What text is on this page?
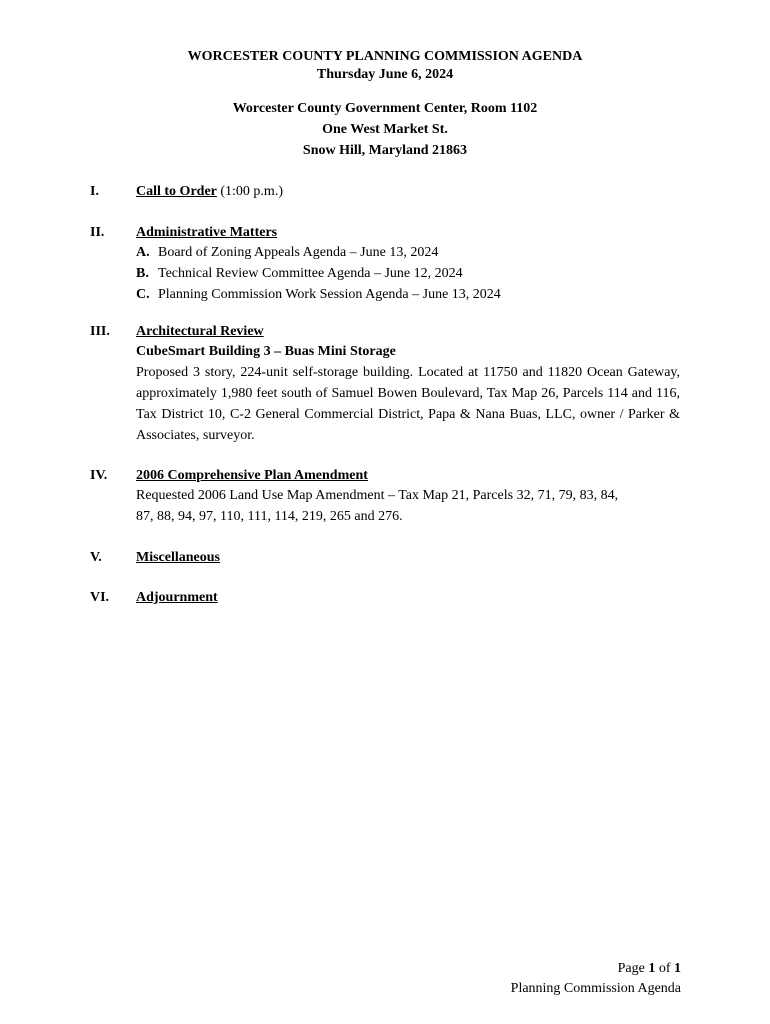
WORCESTER COUNTY PLANNING COMMISSION AGENDA
Thursday June 6, 2024
Worcester County Government Center, Room 1102
One West Market St.
Snow Hill, Maryland 21863
I.	Call to Order (1:00 p.m.)
II. Administrative Matters
A. Board of Zoning Appeals Agenda – June 13, 2024
B. Technical Review Committee Agenda – June 12, 2024
C. Planning Commission Work Session Agenda – June 13, 2024
III. Architectural Review
CubeSmart Building 3 – Buas Mini Storage
Proposed 3 story, 224-unit self-storage building. Located at 11750 and 11820 Ocean Gateway, approximately 1,980 feet south of Samuel Bowen Boulevard, Tax Map 26, Parcels 114 and 116, Tax District 10, C-2 General Commercial District, Papa & Nana Buas, LLC, owner / Parker & Associates, surveyor.
IV. 2006 Comprehensive Plan Amendment
Requested 2006 Land Use Map Amendment – Tax Map 21, Parcels 32, 71, 79, 83, 84,
87, 88, 94, 97, 110, 111, 114, 219, 265 and 276.
V. Miscellaneous
VI. Adjournment
Page 1 of 1
Planning Commission Agenda
